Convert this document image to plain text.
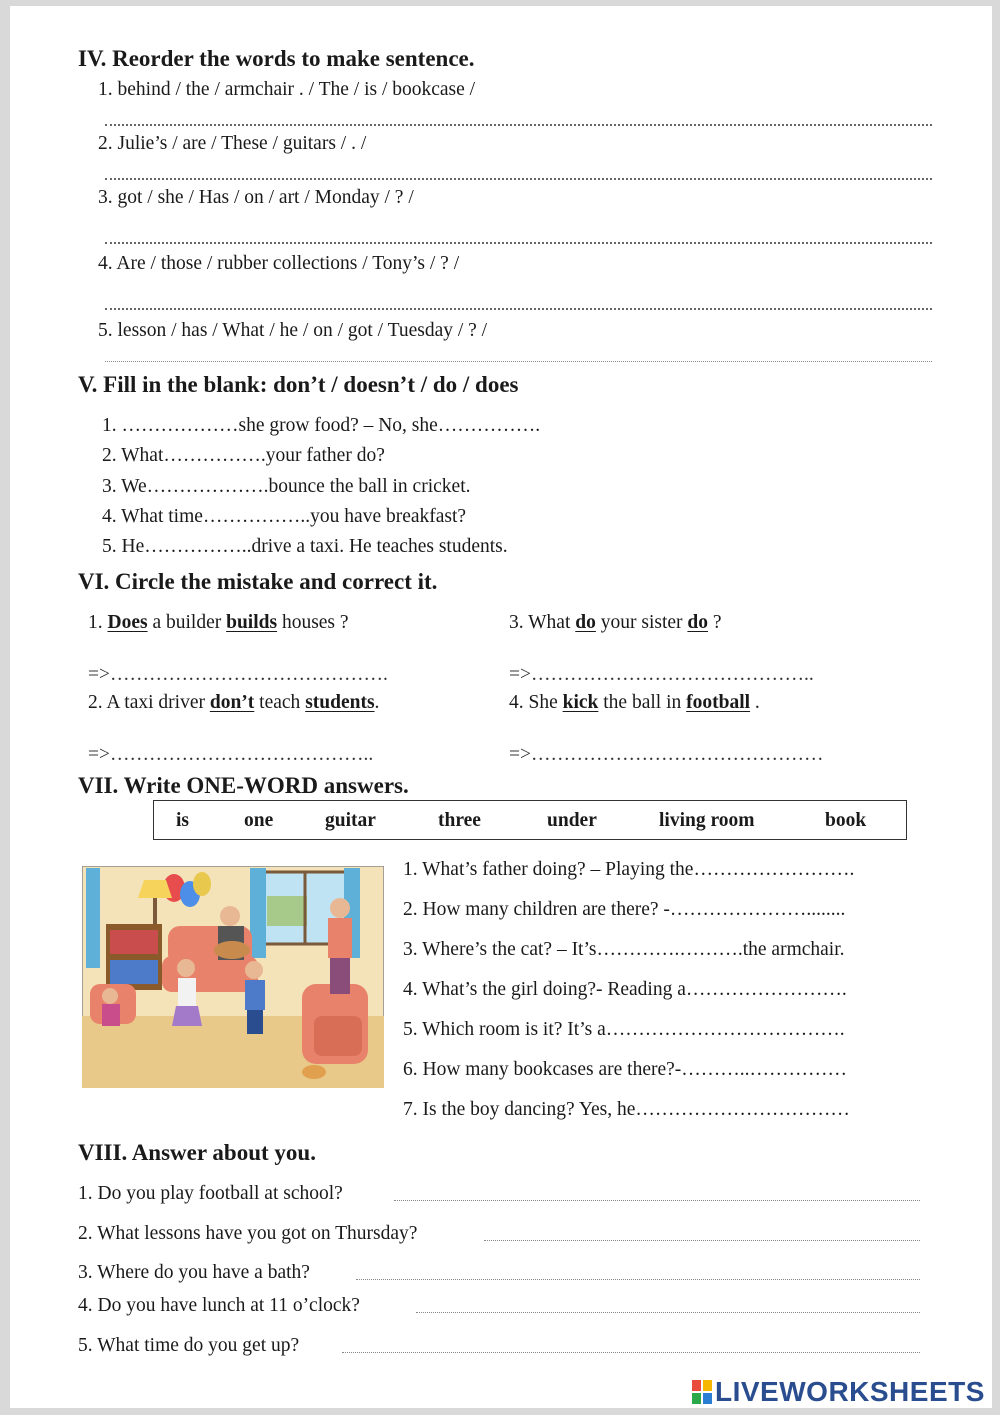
IV. Reorder the words to make sentence.
1. behind / the / armchair . / The / is / bookcase /
2. Julie’s / are / These / guitars / . /
3. got / she / Has / on / art / Monday / ? /
4. Are / those / rubber collections / Tony’s / ? /
5. lesson / has / What / he / on / got / Tuesday / ? /
V. Fill in the blank: don’t / doesn’t / do / does
1. ………………she grow food? – No, she…………….
2. What…………….your father do?
3. We……………….bounce the ball in cricket.
4. What time……………..you have breakfast?
5. He……………..drive a taxi. He teaches students.
VI. Circle the mistake and correct it.
1. Does a builder builds houses ?	3. What do your sister do ?
=>…………………………………….	=>……………………………………..
2. A taxi driver don’t teach students.	4. She kick the ball in football .
=>…………………………………..	=>………………………………………
VII. Write ONE-WORD answers.
is	one	guitar	three	under	living room	book
1. What’s father doing? – Playing the…………………….
2. How many children are there? -…………………........
3. Where’s the cat? – It’s………….……….the armchair.
4. What’s the girl doing?- Reading a…………………….
5. Which room is it? It’s a……………………………….
6. How many bookcases are there?-………..……………
7. Is the boy dancing? Yes, he……………………………
VIII. Answer about you.
1. Do you play football at school?
2. What lessons have you got on Thursday?
3. Where do you have a bath?
4. Do you have lunch at 11 o’clock?
5. What time do you get up?
LIVEWORKSHEETS
